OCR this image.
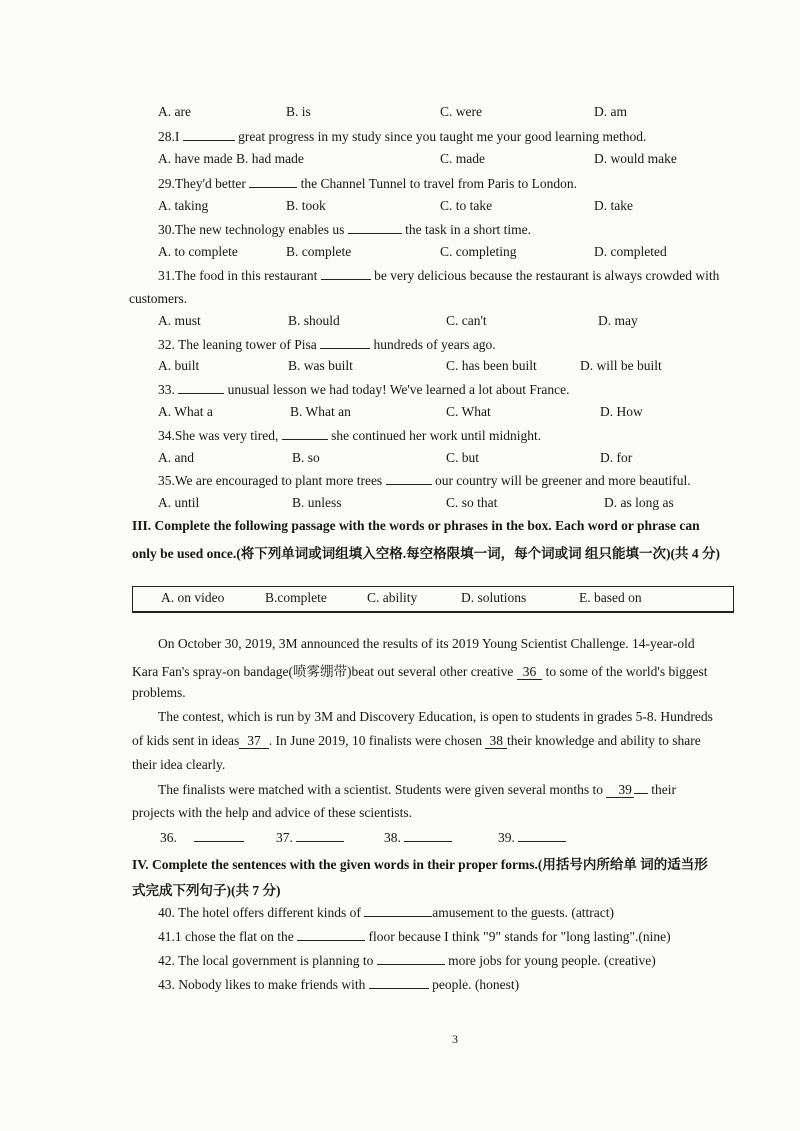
A. are	B. is	C. were	D. am
28.I	great progress in my study since you taught me your good learning method.
A. have made B. had made	C. made	D. would make
29.They'd better	the Channel Tunnel to travel from Paris to London.
A. taking	B. took	C. to take	D. take
30.The new technology enables us	the task in a short time.
A. to complete	B. complete	C. completing	D. completed
31.The food in this restaurant	be very delicious because the restaurant is always crowded with
customers.
A. must	B. should	C. can't	D. may
32. The leaning tower of Pisa	hundreds of years ago.
A. built	B. was built	C. has been built	D. will be built
33.	unusual lesson we had today! We've learned a lot about France.
A. What a	B. What an	C. What	D. How
34.She was very tired,	she continued her work until midnight.
A. and	B. so	C. but	D. for
35.We are encouraged to plant more trees	our country will be greener and more beautiful.
A. until	B. unless	C. so that	D. as long as
III. Complete the following passage with the words or phrases in the box. Each word or phrase can
only be used once.(将下列单词或词组填入空格.每空格限填一词，每个词或词 组只能填一次)(共 4 分)
A. on video	B.complete	C. ability	D. solutions	E. based on
On October 30, 2019, 3M announced the results of its 2019 Young Scientist Challenge. 14-year-old
Kara Fan's spray-on bandage(喷雾绷带)beat out several other creative 36 to some of the world's biggest
problems.
The contest, which is run by 3M and Discovery Education, is open to students in grades 5-8. Hundreds
of kids sent in ideas 37 . In June 2019, 10 finalists were chosen 38 their knowledge and ability to share
their idea clearly.
The finalists were matched with a scientist. Students were given several months to 39 their
projects with the help and advice of these scientists.
36.	37.	38.	39.
IV. Complete the sentences with the given words in their proper forms.(用括号内所给单 词的适当形
式完成下列句子)(共 7 分)
40. The hotel offers different kinds of	amusement to the guests. (attract)
41.1 chose the flat on the	floor because I think "9" stands for "long lasting".(nine)
42. The local government is planning to	more jobs for young people. (creative)
43. Nobody likes to make friends with	people. (honest)
3
